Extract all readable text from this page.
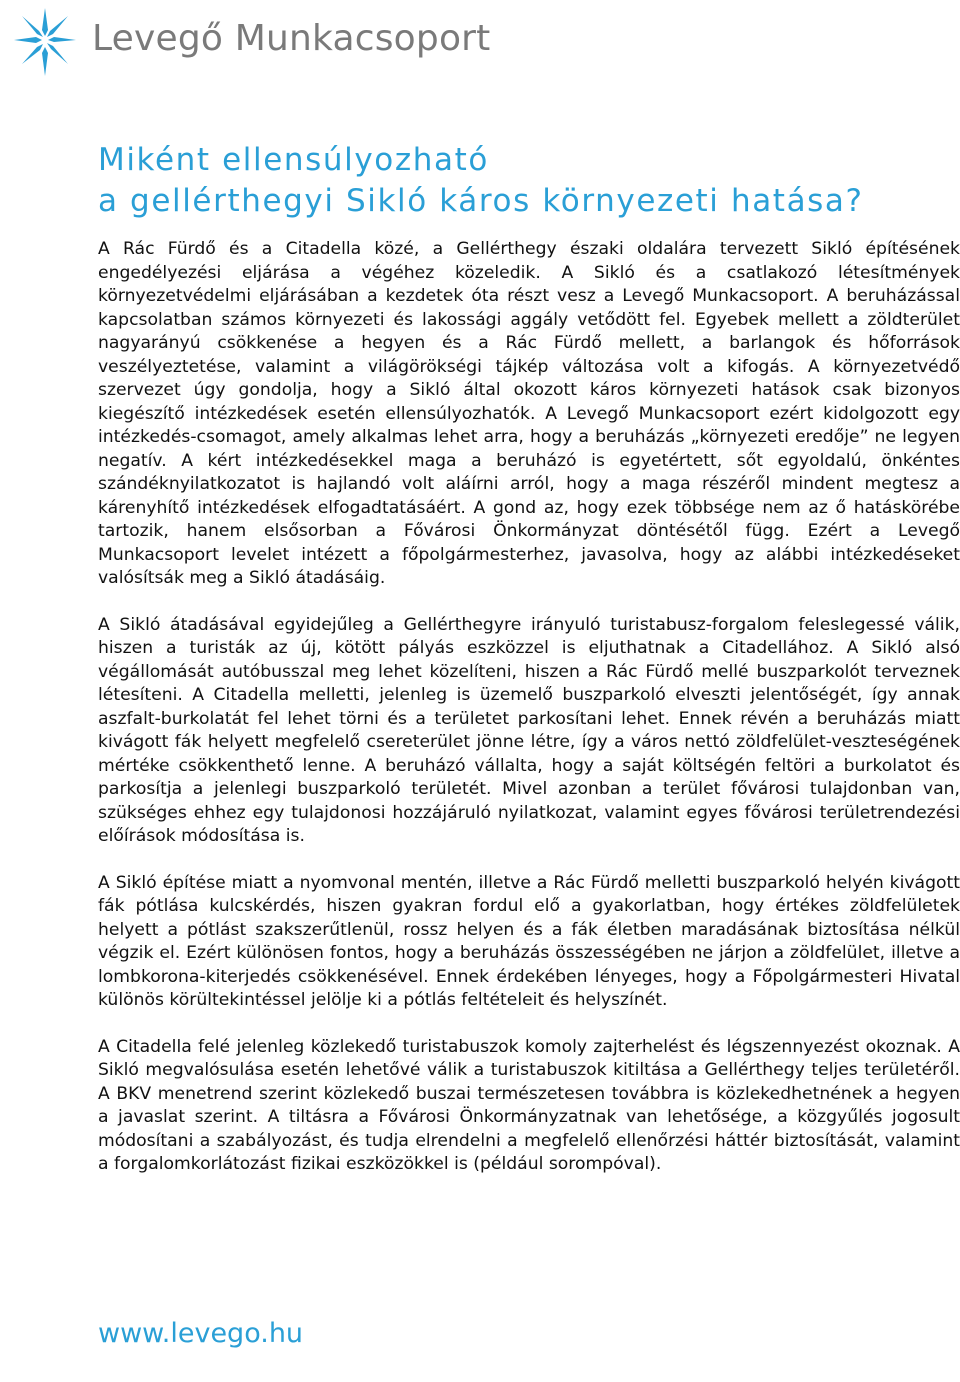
Levegő Munkacsoport
Miként ellensúlyozható
a gellérthegyi Sikló káros környezeti hatása?

A Rác Fürdő és a Citadella közé, a Gellérthegy északi oldalára tervezett Sikló építésének engedélyezési eljárása a végéhez közeledik. A Sikló és a csatlakozó létesítmények környezetvédelmi eljárásában a kezdetek óta részt vesz a Levegő Munkacsoport. A beruházással kapcsolatban számos környezeti és lakossági aggály vetődött fel. Egyebek mellett a zöldterület nagyarányú csökkenése a hegyen és a Rác Fürdő mellett, a barlangok és hőforrások veszélyeztetése, valamint a világörökségi tájkép változása volt a kifogás. A környezetvédő szervezet úgy gondolja, hogy a Sikló által okozott káros környezeti hatások csak bizonyos kiegészítő intézkedések esetén ellensúlyozhatók. A Levegő Munkacsoport ezért kidolgozott egy intézkedés-csomagot, amely alkalmas lehet arra, hogy a beruházás „környezeti eredője” ne legyen negatív. A kért intézkedésekkel maga a beruházó is egyetértett, sőt egyoldalú, önkéntes szándéknyilatkozatot is hajlandó volt aláírni arról, hogy a maga részéről mindent megtesz a kárenyhítő intézkedések elfogadtatásáért. A gond az, hogy ezek többsége nem az ő hatáskörébe tartozik, hanem elsősorban a Fővárosi Önkormányzat döntésétől függ. Ezért a Levegő Munkacsoport levelet intézett a főpolgármesterhez, javasolva, hogy az alábbi intézkedéseket valósítsák meg a Sikló átadásáig.

A Sikló átadásával egyidejűleg a Gellérthegyre irányuló turistabusz-forgalom feleslegessé válik, hiszen a turisták az új, kötött pályás eszközzel is eljuthatnak a Citadellához. A Sikló alsó végállomását autóbusszal meg lehet közelíteni, hiszen a Rác Fürdő mellé buszparkolót terveznek létesíteni. A Citadella melletti, jelenleg is üzemelő buszparkoló elveszti jelentőségét, így annak aszfalt-burkolatát fel lehet törni és a területet parkosítani lehet. Ennek révén a beruházás miatt kivágott fák helyett megfelelő csereterület jönne létre, így a város nettó zöldfelület-veszteségének mértéke csökkenthető lenne. A beruházó vállalta, hogy a saját költségén feltöri a burkolatot és parkosítja a jelenlegi buszparkoló területét. Mivel azonban a terület fővárosi tulajdonban van, szükséges ehhez egy tulajdonosi hozzájáruló nyilatkozat, valamint egyes fővárosi területrendezési előírások módosítása is.

A Sikló építése miatt a nyomvonal mentén, illetve a Rác Fürdő melletti buszparkoló helyén kivágott fák pótlása kulcskérdés, hiszen gyakran fordul elő a gyakorlatban, hogy értékes zöldfelületek helyett a pótlást szakszerűtlenül, rossz helyen és a fák életben maradásának biztosítása nélkül végzik el. Ezért különösen fontos, hogy a beruházás összességében ne járjon a zöldfelület, illetve a lombkorona-kiterjedés csökkenésével. Ennek érdekében lényeges, hogy a Főpolgármesteri Hivatal különös körültekintéssel jelölje ki a pótlás feltételeit és helyszínét.

A Citadella felé jelenleg közlekedő turistabuszok komoly zajterhelést és légszennyezést okoznak. A Sikló megvalósulása esetén lehetővé válik a turistabuszok kitiltása a Gellérthegy teljes területéről. A BKV menetrend szerint közlekedő buszai természetesen továbbra is közlekedhetnének a hegyen a javaslat szerint. A tiltásra a Fővárosi Önkormányzatnak van lehetősége, a közgyűlés jogosult módosítani a szabályozást, és tudja elrendelni a megfelelő ellenőrzési háttér biztosítását, valamint a forgalomkorlátozást fizikai eszközökkel is (például sorompóval).

www.levego.hu
